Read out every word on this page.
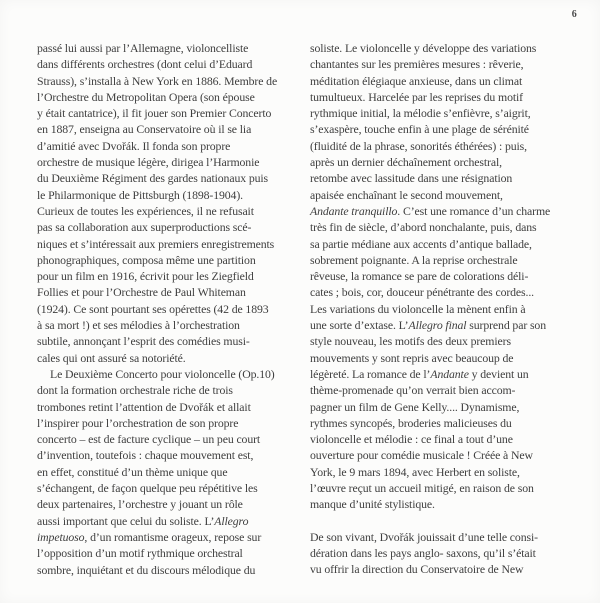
6
passé lui aussi par l’Allemagne, violoncelliste
dans différents orchestres (dont celui d’Eduard
Strauss), s’installa à New York en 1886. Membre de
l’Orchestre du Metropolitan Opera (son épouse
y était cantatrice), il fit jouer son Premier Concerto
en 1887, enseigna au Conservatoire où il se lia
d’amitié avec Dvořák. Il fonda son propre
orchestre de musique légère, dirigea l’Harmonie
du Deuxième Régiment des gardes nationaux puis
le Philarmonique de Pittsburgh (1898-1904).
Curieux de toutes les expériences, il ne refusait
pas sa collaboration aux superproductions scé-
niques et s’intéressait aux premiers enregistrements
phonographiques, composa même une partition
pour un film en 1916, écrivit pour les Ziegfield
Follies et pour l’Orchestre de Paul Whiteman
(1924). Ce sont pourtant ses opérettes (42 de 1893
à sa mort !) et ses mélodies à l’orchestration
subtile, annonçant l’esprit des comédies musi-
cales qui ont assuré sa notoriété.
Le Deuxième Concerto pour violoncelle (Op.10)
dont la formation orchestrale riche de trois
trombones retint l’attention de Dvořák et allait
l’inspirer pour l’orchestration de son propre
concerto – est de facture cyclique – un peu court
d’invention, toutefois : chaque mouvement est,
en effet, constitué d’un thème unique que
s’échangent, de façon quelque peu répétitive les
deux partenaires, l’orchestre y jouant un rôle
aussi important que celui du soliste. L’Allegro
impetuoso, d’un romantisme orageux, repose sur
l’opposition d’un motif rythmique orchestral
sombre, inquiétant et du discours mélodique du
soliste. Le violoncelle y développe des variations
chantantes sur les premières mesures : rêverie,
méditation élégiaque anxieuse, dans un climat
tumultueux. Harcelée par les reprises du motif
rythmique initial, la mélodie s’enfièvre, s’aigrit,
s’exaspère, touche enfin à une plage de sérénité
(fluidité de la phrase, sonorités éthérées) : puis,
après un dernier déchaînement orchestral,
retombe avec lassitude dans une résignation
apaisée enchaînant le second mouvement,
Andante tranquillo. C’est une romance d’un charme
très fin de siècle, d’abord nonchalante, puis, dans
sa partie médiane aux accents d’antique ballade,
sobrement poignante. A la reprise orchestrale
rêveuse, la romance se pare de colorations déli-
cates ; bois, cor, douceur pénétrante des cordes...
Les variations du violoncelle la mènent enfin à
une sorte d’extase. L’Allegro final surprend par son
style nouveau, les motifs des deux premiers
mouvements y sont repris avec beaucoup de
légèreté. La romance de l’Andante y devient un
thème-promenade qu’on verrait bien accom-
pagner un film de Gene Kelly.... Dynamisme,
rythmes syncopés, broderies malicieuses du
violoncelle et mélodie : ce final a tout d’une
ouverture pour comédie musicale ! Créée à New
York, le 9 mars 1894, avec Herbert en soliste,
l’œuvre reçut un accueil mitigé, en raison de son
manque d’unité stylistique.
De son vivant, Dvořák jouissait d’une telle consi-
dération dans les pays anglo- saxons, qu’il s’était
vu offrir la direction du Conservatoire de New
